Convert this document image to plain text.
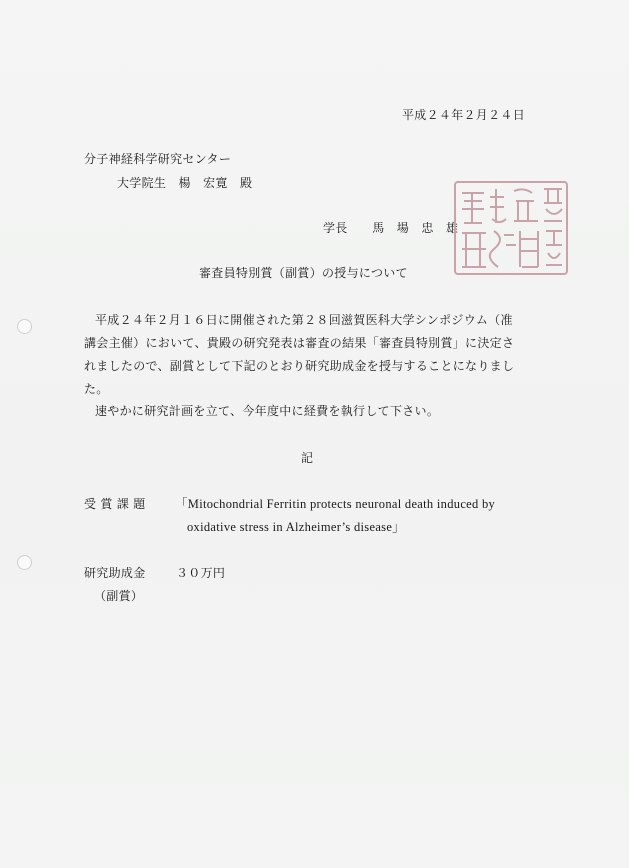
平成２４年２月２４日
分子神経科学研究センター
大学院生　楊　宏寛　殿
学長　　馬　場　忠　雄
審査員特別賞（副賞）の授与について
平成２４年２月１６日に開催された第２８回滋賀医科大学シンポジウム（准
講会主催）において、貴殿の研究発表は審査の結果「審査員特別賞」に決定さ
れましたので、副賞として下記のとおり研究助成金を授与することになりまし
た。
速やかに研究計画を立て、今年度中に経費を執行して下さい。
記
受 賞 課 題 「Mitochondrial Ferritin protects neuronal death induced by
oxidative stress in Alzheimer’s disease」
研究助成金	３０万円
（副賞）
